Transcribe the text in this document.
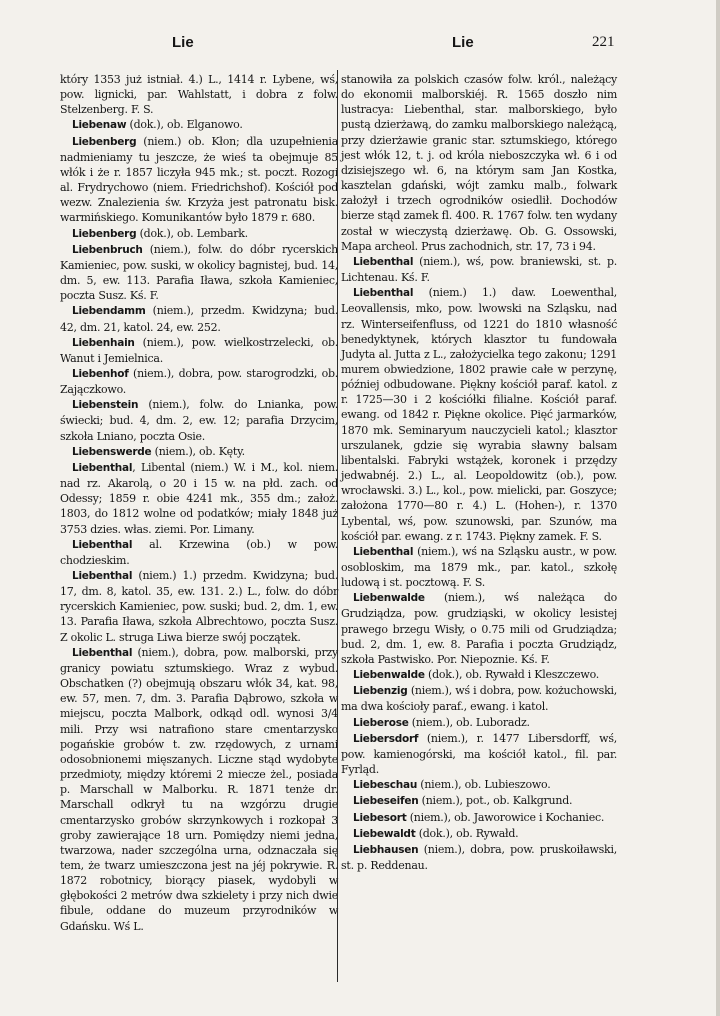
Lie	Lie	221

który 1353 już istniał. 4.) L., 1414 r. Lybene, wś, pow. lignicki, par. Wahlstatt, i dobra z folw. Stelzenberg. F. S.

Liebenaw (dok.), ob. Elganowo.

Liebenberg (niem.) ob. Kłon; dla uzupełnienia nadmieniamy tu jeszcze, że wieś ta obejmuje 85 włók i że r. 1857 liczyła 945 mk.; st. poczt. Rozogi al. Frydrychowo (niem. Friedrichshof). Kościół pod wezw. Znalezienia św. Krzyża jest patronatu bisk. warmińskiego. Komunikantów było 1879 r. 680.

Liebenberg (dok.), ob. Lembark.

Liebenbruch (niem.), folw. do dóbr rycerskich Kamieniec, pow. suski, w okolicy bagnistej, bud. 14, dm. 5, ew. 113. Parafia Iława, szkoła Kamieniec, poczta Susz. Kś. F.

Liebendamm (niem.), przedm. Kwidzyna; bud. 42, dm. 21, katol. 24, ew. 252.

Liebenhain (niem.), pow. wielkostrzelecki, ob. Wanut i Jemielnica.

Liebenhof (niem.), dobra, pow. starogrodzki, ob. Zajączkowo.

Liebenstein (niem.), folw. do Lnianka, pow. świecki; bud. 4, dm. 2, ew. 12; parafia Drzycim, szkoła Lniano, poczta Osie.

Liebenswerde (niem.), ob. Kęty.

Liebenthal, Libental (niem.) W. i M., kol. niem. nad rz. Akarolą, o 20 i 15 w. na płd. zach. od Odessy; 1859 r. obie 4241 mk., 355 dm.; założ. 1803, do 1812 wolne od podatków; miały 1848 już 3753 dzies. włas. ziemi. Por. Limany.

Liebenthal al. Krzewina (ob.) w pow. chodzieskim.

Liebenthal (niem.) 1.) przedm. Kwidzyna; bud. 17, dm. 8, katol. 35, ew. 131. 2.) L., folw. do dóbr rycerskich Kamieniec, pow. suski; bud. 2, dm. 1, ew. 13. Parafia Iława, szkoła Albrechtowo, poczta Susz. Z okolic L. struga Liwa bierze swój początek.

Liebenthal (niem.), dobra, pow. malborski, przy granicy powiatu sztumskiego. Wraz z wybud. Obschatken (?) obejmują obszaru włók 34, kat. 98, ew. 57, men. 7, dm. 3. Parafia Dąbrowo, szkoła w miejscu, poczta Malbork, odkąd odl. wynosi 3/4 mili. Przy wsi natrafiono stare cmentarzysko pogańskie grobów t. zw. rzędowych, z urnami odosobnionemi mięszanych. Liczne stąd wydobyte przedmioty, między któremi 2 miecze żel., posiada p. Marschall w Malborku. R. 1871 tenże dr. Marschall odkrył tu na wzgórzu drugie cmentarzysko grobów skrzynkowych i rozkopał 3 groby zawierające 18 urn. Pomiędzy niemi jedna, twarzowa, nader szczególna urna, odznaczała się tem, że twarz umieszczona jest na jéj pokrywie. R. 1872 robotnicy, biorący piasek, wydobyli w głębokości 2 metrów dwa szkielety i przy nich dwie fibule, oddane do muzeum przyrodników w Gdańsku. Wś L.

stanowiła za polskich czasów folw. król., należący do ekonomii malborskiéj. R. 1565 doszło nim lustracya: Liebenthal, star. malborskiego, było pustą dzierżawą, do zamku malborskiego należącą, przy dzierżawie granic star. sztumskiego, którego jest włók 12, t. j. od króla nieboszczyka wł. 6 i od dzisiejszego wł. 6, na którym sam Jan Kostka, kasztelan gdański, wójt zamku malb., folwark założył i trzech ogrodników osiedlił. Dochodów bierze stąd zamek fl. 400. R. 1767 folw. ten wydany został w wieczystą dzierżawę. Ob. G. Ossowski, Mapa archeol. Prus zachodnich, str. 17, 73 i 94.

Liebenthal (niem.), wś, pow. braniewski, st. p. Lichtenau. Kś. F.

Liebenthal (niem.) 1.) daw. Loewenthal, Leovallensis, mko, pow. lwowski na Szląsku, nad rz. Winterseifenfluss, od 1221 do 1810 własność benedyktynek, których klasztor tu fundowała Judyta al. Jutta z L., założycielka tego zakonu; 1291 murem obwiedzione, 1802 prawie całe w perzynę, później odbudowane. Piękny kościół paraf. katol. z r. 1725—30 i 2 kościółki filialne. Kościół paraf. ewang. od 1842 r. Piękne okolice. Pięć jarmarków, 1870 mk. Seminaryum nauczycieli katol.; klasztor urszulanek, gdzie się wyrabia sławny balsam libentalski. Fabryki wstążek, koronek i przędzy jedwabnéj. 2.) L., al. Leopoldowitz (ob.), pow. wrocławski. 3.) L., kol., pow. mielicki, par. Goszyce; założona 1770—80 r. 4.) L. (Hohen-), r. 1370 Lybental, wś, pow. szunowski, par. Szunów, ma kościół par. ewang. z r. 1743. Piękny zamek. F. S.

Liebenthal (niem.), wś na Szląsku austr., w pow. osobloskim, ma 1879 mk., par. katol., szkołę ludową i st. pocztową. F. S.

Liebenwalde (niem.), wś należąca do Grudziądza, pow. grudziąski, w okolicy lesistej prawego brzegu Wisły, o 0.75 mili od Grudziądza; bud. 2, dm. 1, ew. 8. Parafia i poczta Grudziądz, szkoła Pastwisko. Por. Niepoznie. Kś. F.

Liebenwalde (dok.), ob. Rywałd i Kleszczewo.

Liebenzig (niem.), wś i dobra, pow. kożuchowski, ma dwa kościoły paraf., ewang. i katol.

Lieberose (niem.), ob. Luboradz.

Liebersdorf (niem.), r. 1477 Libersdorff, wś, pow. kamienogórski, ma kościół katol., fil. par. Fyrląd.

Liebeschau (niem.), ob. Lubieszowo.

Liebeseifen (niem.), pot., ob. Kalkgrund.

Liebesort (niem.), ob. Jaworowice i Kochaniec.

Liebewaldt (dok.), ob. Rywałd.

Liebhausen (niem.), dobra, pow. pruskoiławski, st. p. Reddenau.
